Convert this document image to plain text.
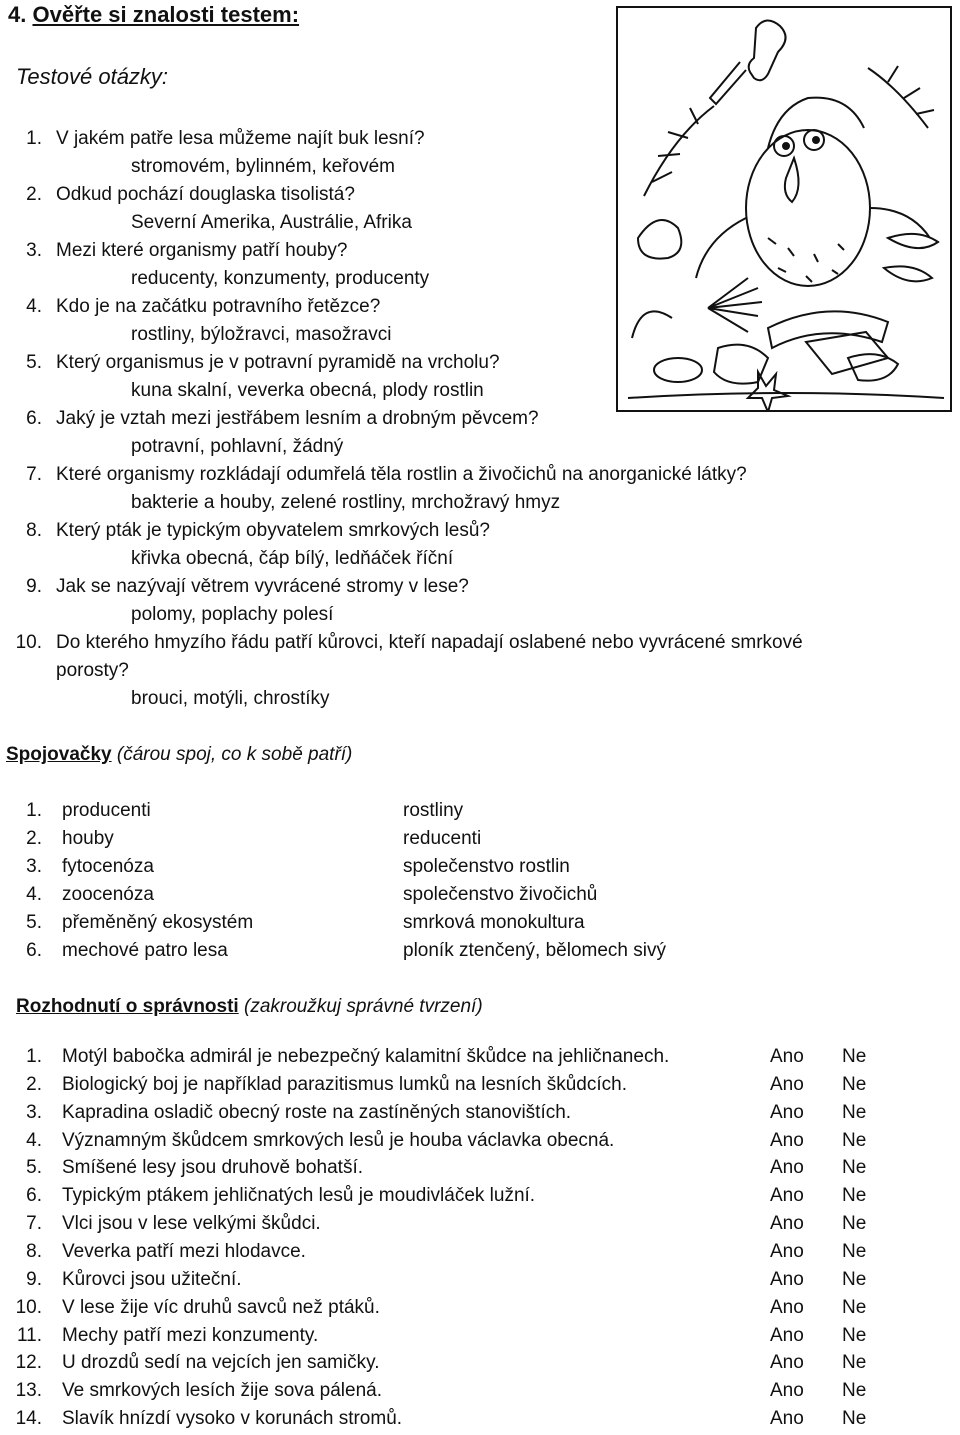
4. Ověřte si znalosti testem:
Testové otázky:
1. V jakém patře lesa můžeme najít buk lesní?
stromovém, bylinném, keřovém
2. Odkud pochází douglaska tisolistá?
Severní Amerika, Austrálie, Afrika
3. Mezi které organismy patří houby?
reducenty, konzumenty, producenty
4. Kdo je na začátku potravního řetězce?
rostliny, býložravci, masožravci
5. Který organismus je v potravní pyramidě na vrcholu?
kuna skalní, veverka obecná, plody rostlin
6. Jaký je vztah mezi jestřábem lesním a drobným pěvcem?
potravní, pohlavní, žádný
7. Které organismy rozkládají odumřelá těla rostlin a živočichů na anorganické látky?
bakterie a houby, zelené rostliny, mrchožravý hmyz
8. Který pták je typickým obyvatelem smrkových lesů?
křivka obecná, čáp bílý, ledňáček říční
9. Jak se nazývají větrem vyvrácené stromy v lese?
polomy, poplachy polesí
10. Do kterého hmyzího řádu patří kůrovci, kteří napadají oslabené nebo vyvrácené smrkové
porosty?
brouci, motýli, chrostíky
Spojovačky (čárou spoj, co k sobě patří)
1. producenti	rostliny
2. houby	reducenti
3. fytocenóza	společenstvo rostlin
4. zoocenóza	společenstvo živočichů
5. přeměněný ekosystém	smrková monokultura
6. mechové patro lesa	ploník ztenčený, bělomech sivý
Rozhodnutí o správnosti (zakroužkuj správné tvrzení)
1. Motýl babočka admirál je nebezpečný kalamitní škůdce na jehličnanech.	Ano Ne
2. Biologický boj je například parazitismus lumků na lesních škůdcích.	Ano Ne
3. Kapradina osladič obecný roste na zastíněných stanovištích.	Ano Ne
4. Významným škůdcem smrkových lesů je houba václavka obecná.	Ano Ne
5. Smíšené lesy jsou druhově bohatší.	Ano Ne
6. Typickým ptákem jehličnatých lesů je moudivláček lužní.	Ano Ne
7. Vlci jsou v lese velkými škůdci.	Ano Ne
8. Veverka patří mezi hlodavce.	Ano Ne
9. Kůrovci jsou užiteční.	Ano Ne
10. V lese žije víc druhů savců než ptáků.	Ano Ne
11. Mechy patří mezi konzumenty.	Ano Ne
12. U drozdů sedí na vejcích jen samičky.	Ano Ne
13. Ve smrkových lesích žije sova pálená.	Ano Ne
14. Slavík hnízdí vysoko v korunách stromů.	Ano Ne
